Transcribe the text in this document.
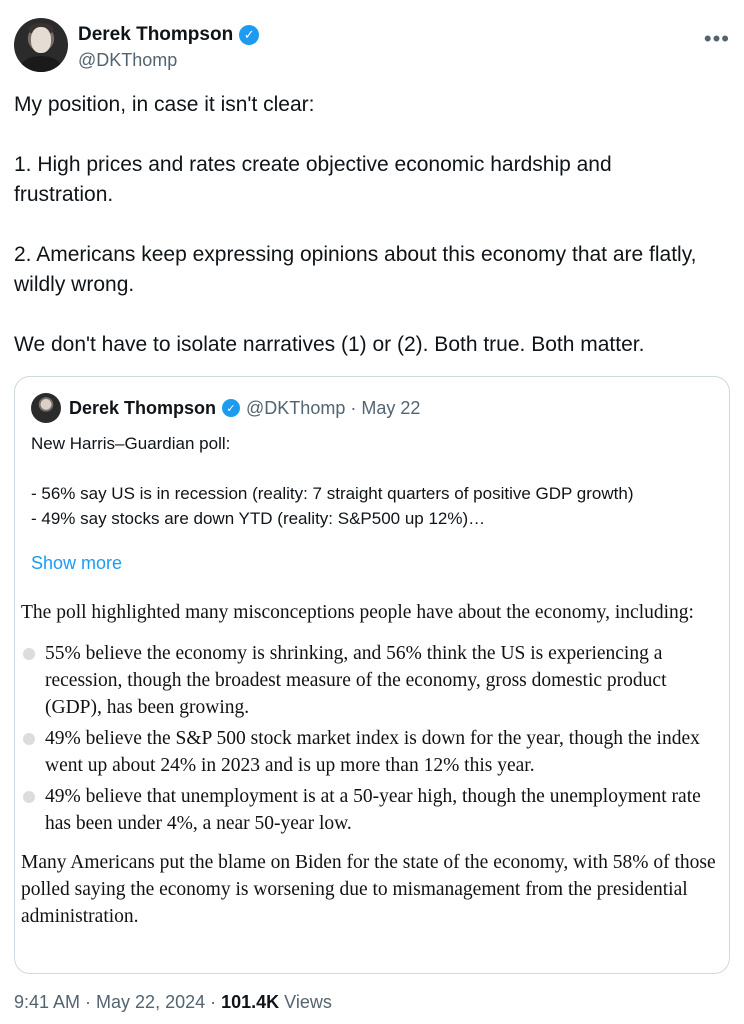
Derek Thompson ✓
@DKThomp
•••
My position, in case it isn't clear:

1. High prices and rates create objective economic hardship and frustration.

2. Americans keep expressing opinions about this economy that are flatly, wildly wrong.

We don't have to isolate narratives (1) or (2). Both true. Both matter.
Derek Thompson ✓ @DKThomp · May 22
New Harris–Guardian poll:

- 56% say US is in recession (reality: 7 straight quarters of positive GDP growth)
- 49% say stocks are down YTD (reality: S&P500 up 12%)…
Show more

The poll highlighted many misconceptions people have about the economy, including:

55% believe the economy is shrinking, and 56% think the US is experiencing a recession, though the broadest measure of the economy, gross domestic product (GDP), has been growing.
49% believe the S&P 500 stock market index is down for the year, though the index went up about 24% in 2023 and is up more than 12% this year.
49% believe that unemployment is at a 50-year high, though the unemployment rate has been under 4%, a near 50-year low.

Many Americans put the blame on Biden for the state of the economy, with 58% of those polled saying the economy is worsening due to mismanagement from the presidential administration.

9:41 AM · May 22, 2024 · 101.4K Views
